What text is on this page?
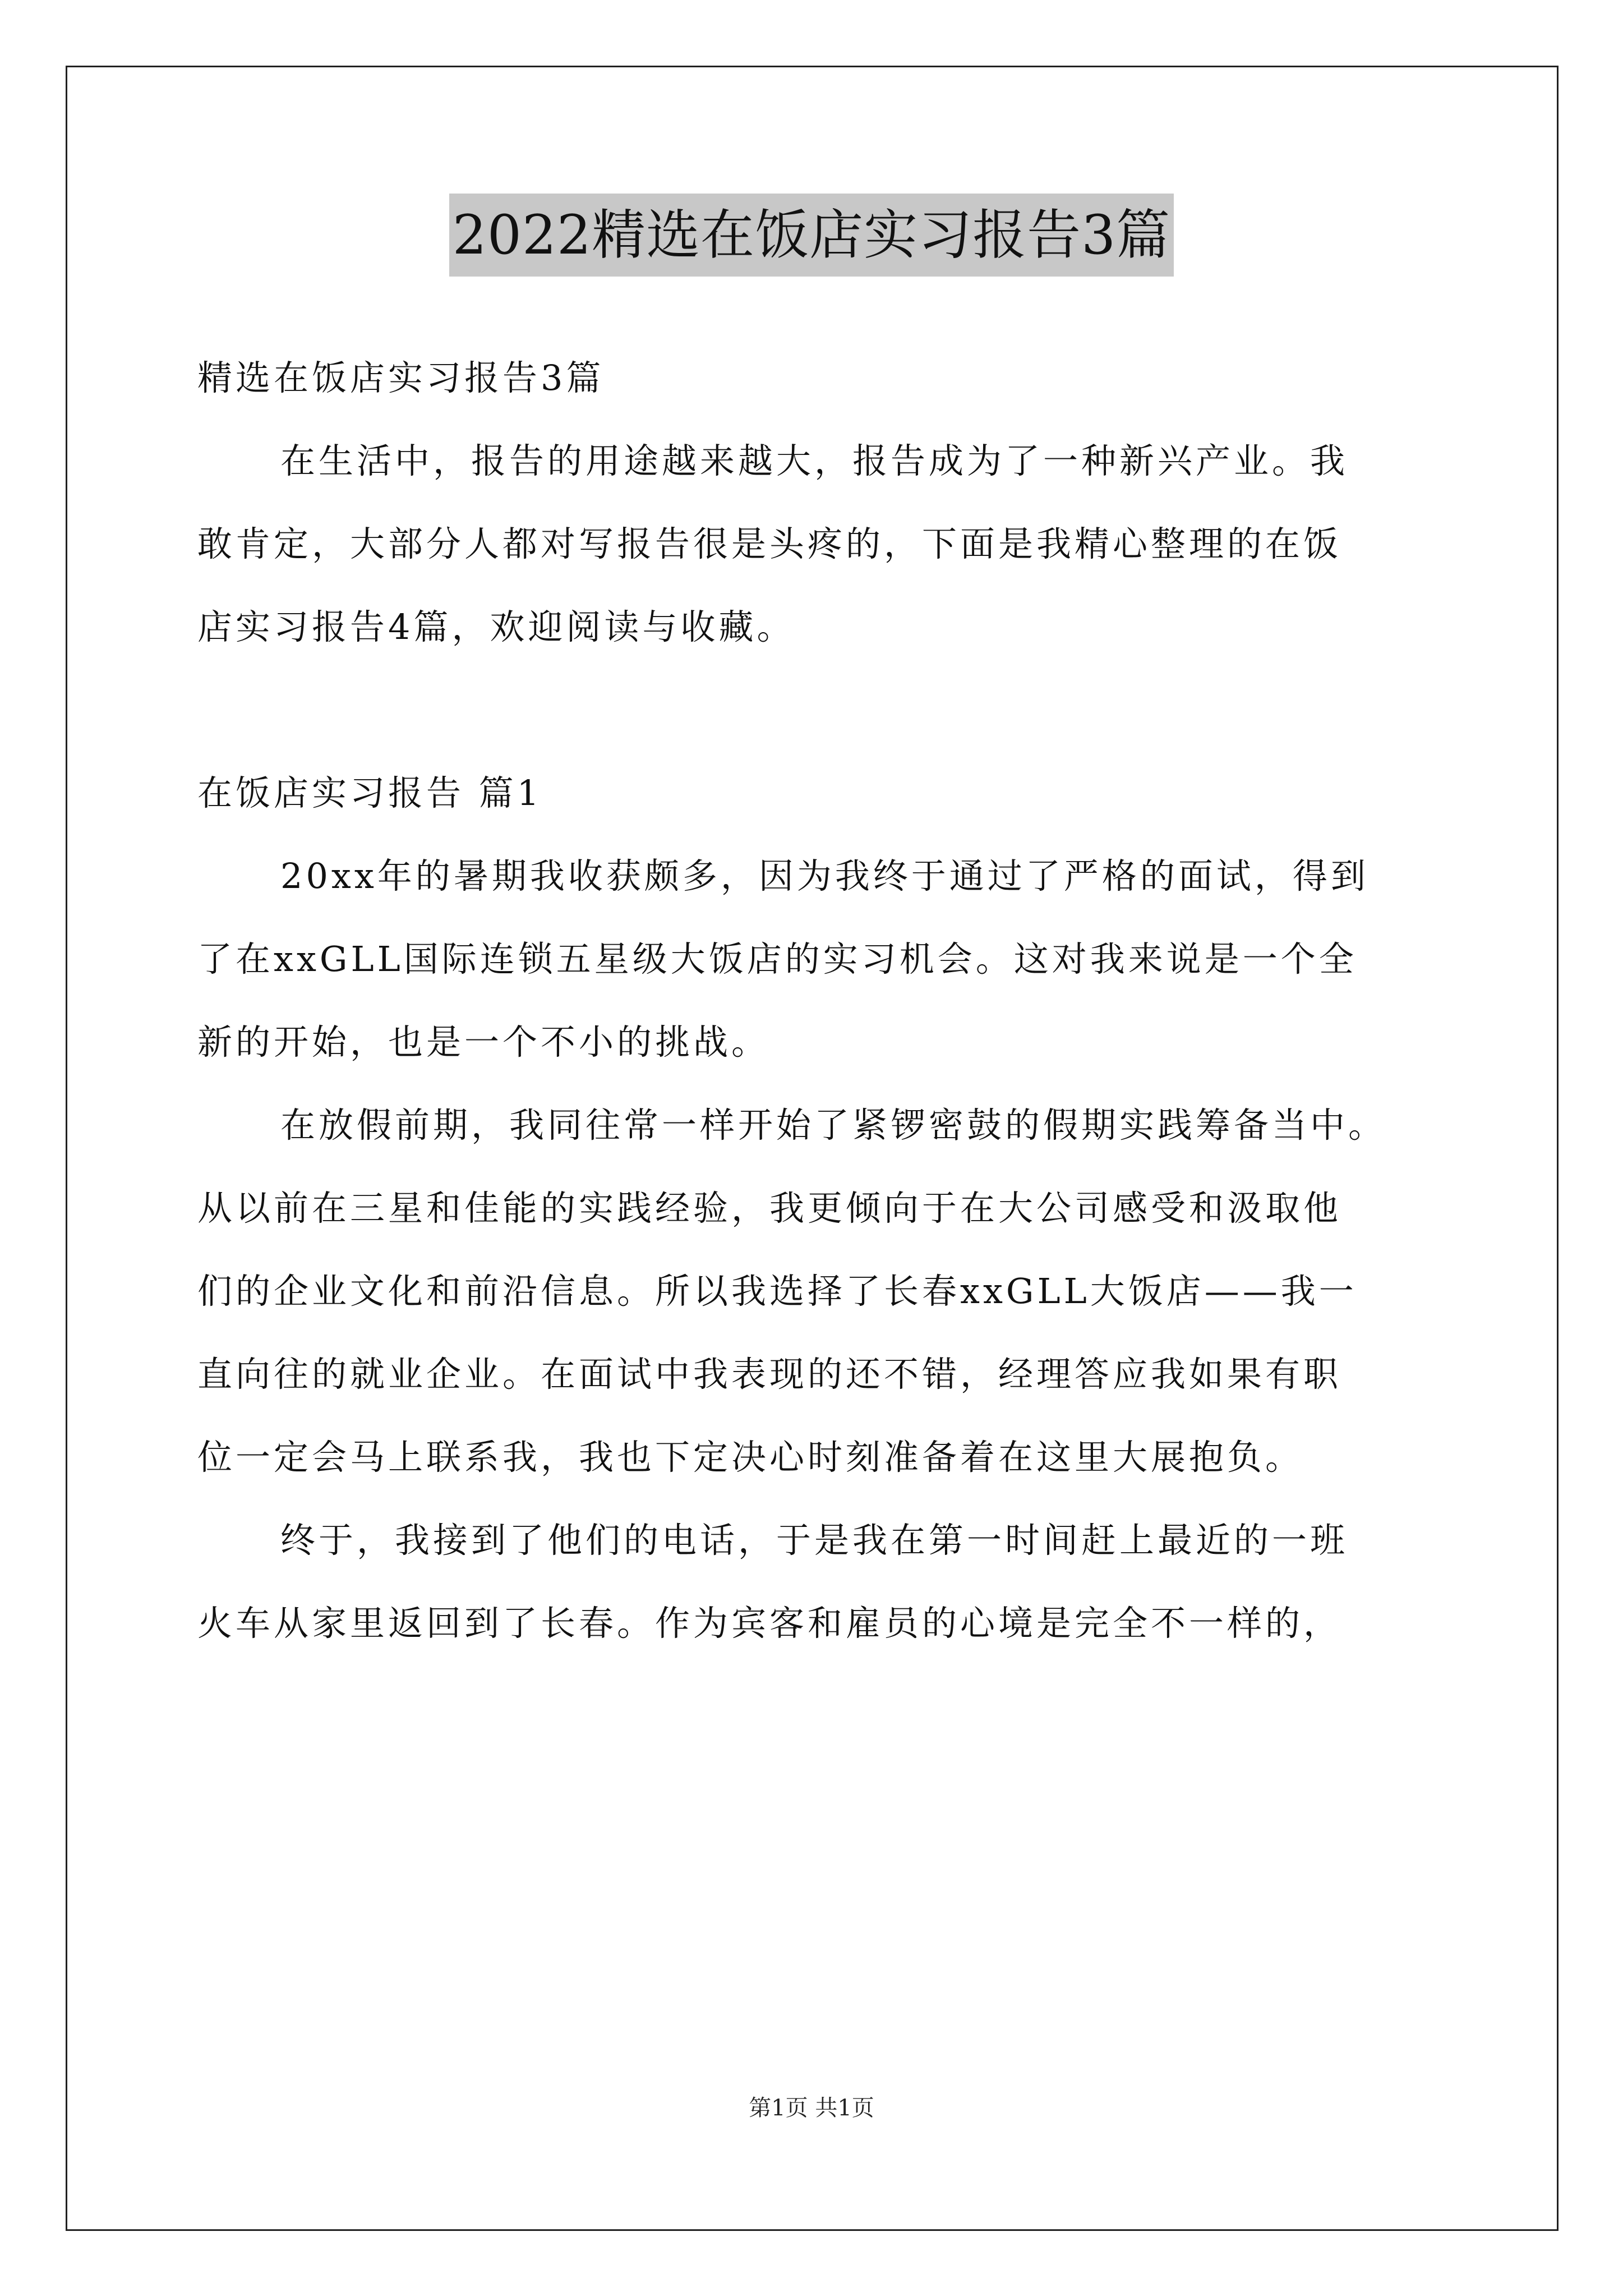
2022精选在饭店实习报告3篇
精选在饭店实习报告3篇
在生活中，报告的用途越来越大，报告成为了一种新兴产业。我
敢肯定，大部分人都对写报告很是头疼的，下面是我精心整理的在饭
店实习报告4篇，欢迎阅读与收藏。
在饭店实习报告 篇1
20xx年的暑期我收获颇多，因为我终于通过了严格的面试，得到
了在xxGLL国际连锁五星级大饭店的实习机会。这对我来说是一个全
新的开始，也是一个不小的挑战。
在放假前期，我同往常一样开始了紧锣密鼓的假期实践筹备当中。
从以前在三星和佳能的实践经验，我更倾向于在大公司感受和汲取他
们的企业文化和前沿信息。所以我选择了长春xxGLL大饭店——我一
直向往的就业企业。在面试中我表现的还不错，经理答应我如果有职
位一定会马上联系我，我也下定决心时刻准备着在这里大展抱负。
终于，我接到了他们的电话，于是我在第一时间赶上最近的一班
火车从家里返回到了长春。作为宾客和雇员的心境是完全不一样的，
第1页 共1页
